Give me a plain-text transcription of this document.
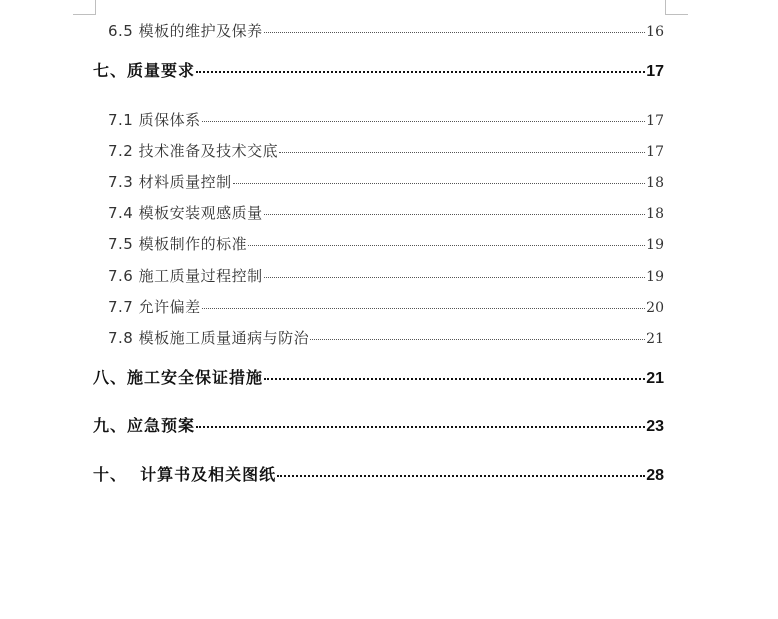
6.5 模板的维护及保养	16
七、质量要求	17
7.1 质保体系	17
7.2 技术准备及技术交底	17
7.3 材料质量控制	18
7.4 模板安装观感质量	18
7.5 模板制作的标准	19
7.6 施工质量过程控制	19
7.7 允许偏差	20
7.8 模板施工质量通病与防治	21
八、施工安全保证措施	21
九、应急预案	23
十、  计算书及相关图纸	28
